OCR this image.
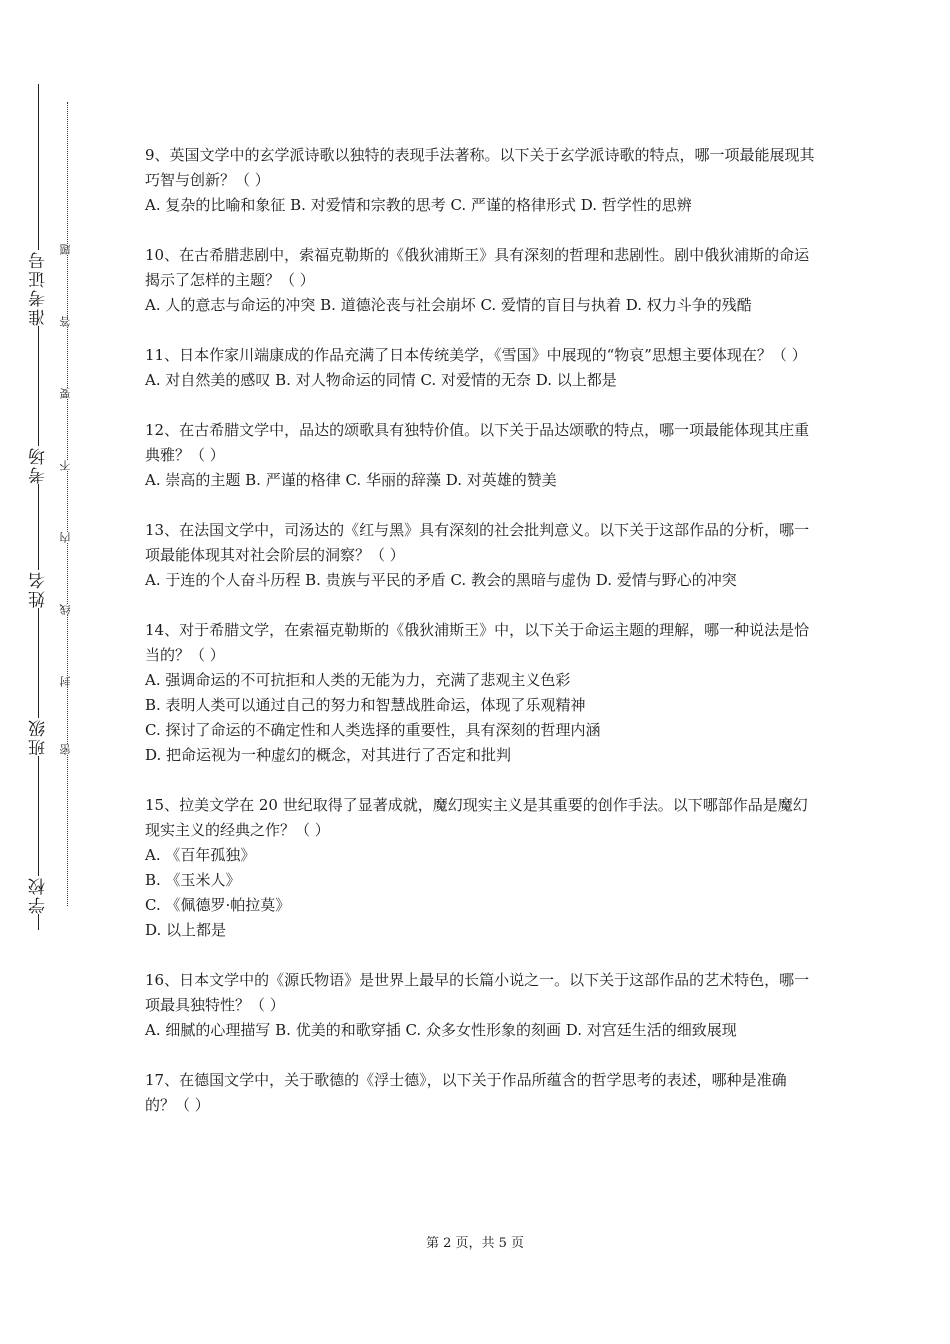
准考证号
考场
姓名
班级
学校
题
答
要
不
内
线
封
密

9、英国文学中的玄学派诗歌以独特的表现手法著称。以下关于玄学派诗歌的特点，哪一项最能展现其巧智与创新？（ ）

A. 复杂的比喻和象征 B. 对爱情和宗教的思考 C. 严谨的格律形式 D. 哲学性的思辨

10、在古希腊悲剧中，索福克勒斯的《俄狄浦斯王》具有深刻的哲理和悲剧性。剧中俄狄浦斯的命运揭示了怎样的主题？（ ）

A. 人的意志与命运的冲突 B. 道德沦丧与社会崩坏 C. 爱情的盲目与执着 D. 权力斗争的残酷

11、日本作家川端康成的作品充满了日本传统美学，《雪国》中展现的“物哀”思想主要体现在？（ ）

A. 对自然美的感叹 B. 对人物命运的同情 C. 对爱情的无奈 D. 以上都是

12、在古希腊文学中，品达的颂歌具有独特价值。以下关于品达颂歌的特点，哪一项最能体现其庄重典雅？（ ）

A. 崇高的主题 B. 严谨的格律 C. 华丽的辞藻 D. 对英雄的赞美

13、在法国文学中，司汤达的《红与黑》具有深刻的社会批判意义。以下关于这部作品的分析，哪一项最能体现其对社会阶层的洞察？（ ）

A. 于连的个人奋斗历程 B. 贵族与平民的矛盾 C. 教会的黑暗与虚伪 D. 爱情与野心的冲突

14、对于希腊文学，在索福克勒斯的《俄狄浦斯王》中，以下关于命运主题的理解，哪一种说法是恰当的？（ ）

A. 强调命运的不可抗拒和人类的无能为力，充满了悲观主义色彩

B. 表明人类可以通过自己的努力和智慧战胜命运，体现了乐观精神

C. 探讨了命运的不确定性和人类选择的重要性，具有深刻的哲理内涵

D. 把命运视为一种虚幻的概念，对其进行了否定和批判

15、拉美文学在 20 世纪取得了显著成就，魔幻现实主义是其重要的创作手法。以下哪部作品是魔幻现实主义的经典之作？（ ）

A. 《百年孤独》

B. 《玉米人》

C. 《佩德罗·帕拉莫》

D. 以上都是

16、日本文学中的《源氏物语》是世界上最早的长篇小说之一。以下关于这部作品的艺术特色，哪一项最具独特性？（ ）

A. 细腻的心理描写 B. 优美的和歌穿插 C. 众多女性形象的刻画 D. 对宫廷生活的细致展现

17、在德国文学中，关于歌德的《浮士德》，以下关于作品所蕴含的哲学思考的表述，哪种是准确的？（ ）

第 2 页，共 5 页
